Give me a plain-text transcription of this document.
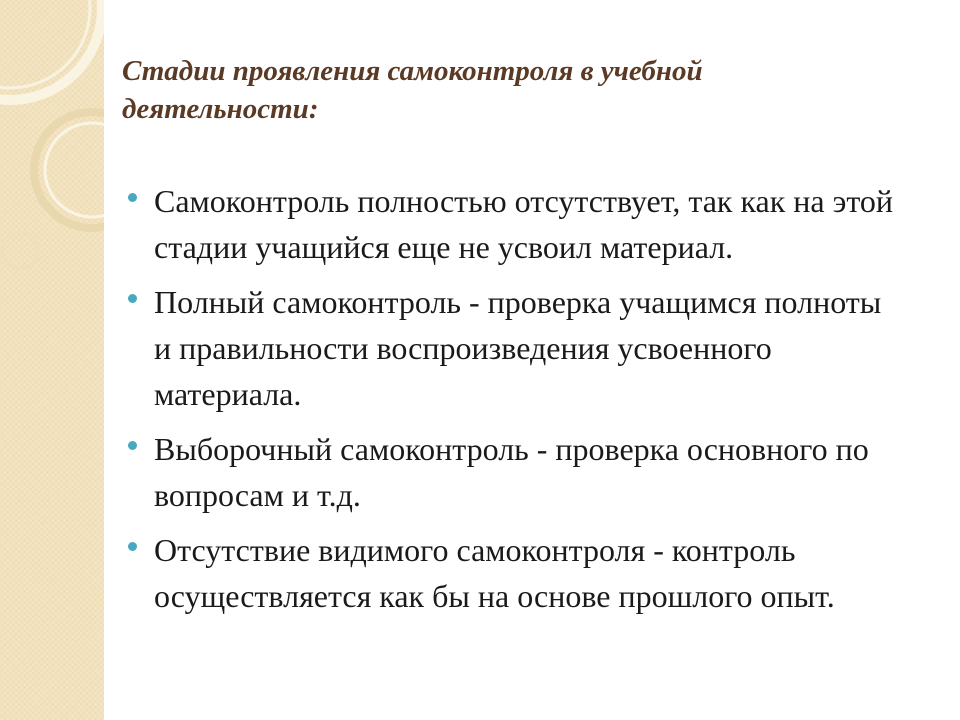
Стадии проявления самоконтроля в учебной деятельности:
Самоконтроль полностью отсутствует, так как на этой стадии учащийся еще не усвоил материал.
Полный самоконтроль - проверка учащимся полноты и правильности воспроизведения усвоенного материала.
Выборочный самоконтроль - проверка основного по вопросам и т.д.
Отсутствие видимого самоконтроля - контроль осуществляется как бы на основе прошлого опыт.
